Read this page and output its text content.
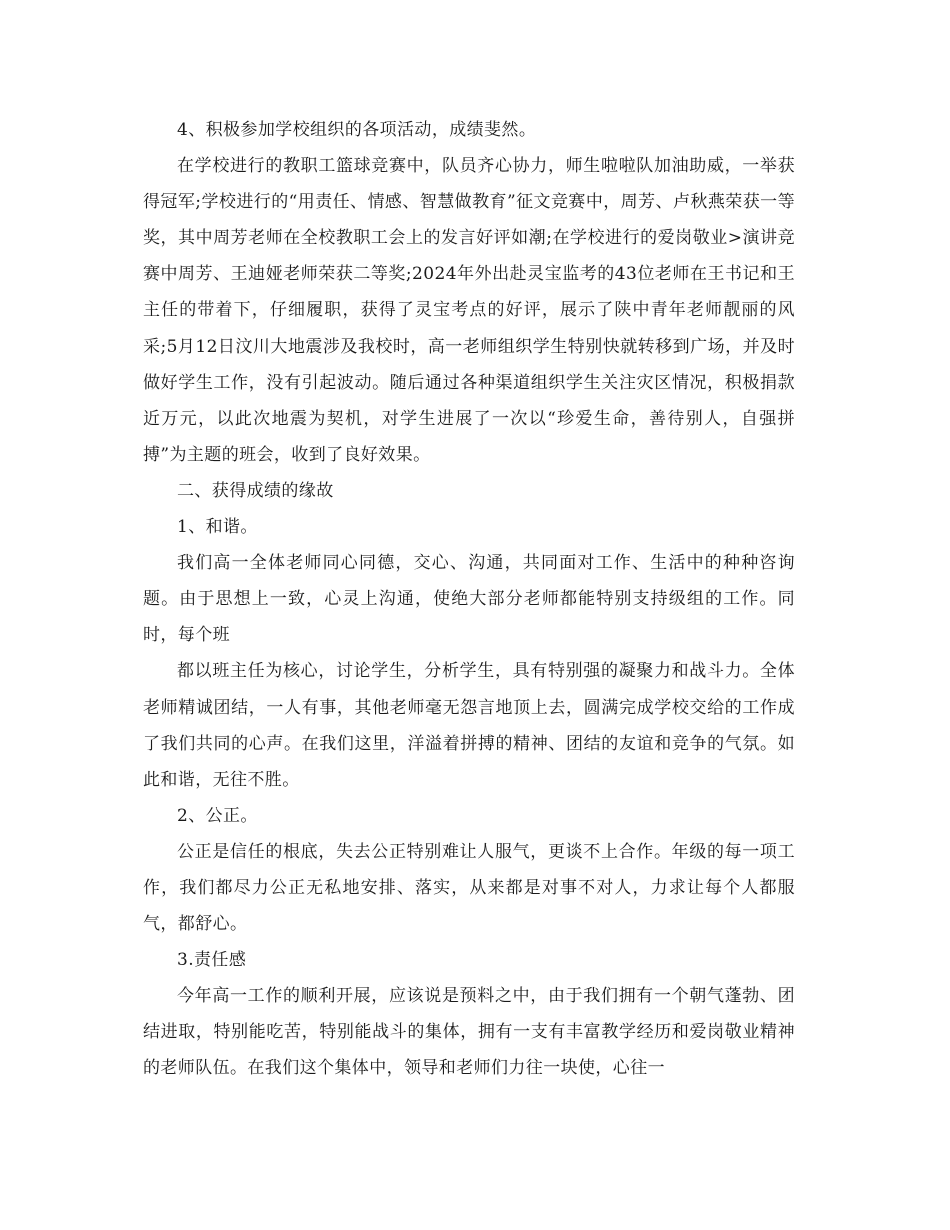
4、积极参加学校组织的各项活动，成绩斐然。

在学校进行的教职工篮球竞赛中，队员齐心协力，师生啦啦队加油助威，一举获得冠军;学校进行的“用责任、情感、智慧做教育”征文竞赛中，周芳、卢秋燕荣获一等奖，其中周芳老师在全校教职工会上的发言好评如潮;在学校进行的爱岗敬业>演讲竞赛中周芳、王迪娅老师荣获二等奖;2024年外出赴灵宝监考的43位老师在王书记和王主任的带着下，仔细履职，获得了灵宝考点的好评，展示了陕中青年老师靓丽的风采;5月12日汶川大地震涉及我校时，高一老师组织学生特别快就转移到广场，并及时做好学生工作，没有引起波动。随后通过各种渠道组织学生关注灾区情况，积极捐款近万元，以此次地震为契机，对学生进展了一次以“珍爱生命，善待别人，自强拼搏”为主题的班会，收到了良好效果。

二、获得成绩的缘故

1、和谐。

我们高一全体老师同心同德，交心、沟通，共同面对工作、生活中的种种咨询题。由于思想上一致，心灵上沟通，使绝大部分老师都能特别支持级组的工作。同时，每个班

都以班主任为核心，讨论学生，分析学生，具有特别强的凝聚力和战斗力。全体老师精诚团结，一人有事，其他老师毫无怨言地顶上去，圆满完成学校交给的工作成了我们共同的心声。在我们这里，洋溢着拼搏的精神、团结的友谊和竞争的气氛。如此和谐，无往不胜。

2、公正。

公正是信任的根底，失去公正特别难让人服气，更谈不上合作。年级的每一项工作，我们都尽力公正无私地安排、落实，从来都是对事不对人，力求让每个人都服气，都舒心。

3.责任感

今年高一工作的顺利开展，应该说是预料之中，由于我们拥有一个朝气蓬勃、团结进取，特别能吃苦，特别能战斗的集体，拥有一支有丰富教学经历和爱岗敬业精神的老师队伍。在我们这个集体中，领导和老师们力往一块使，心往一
